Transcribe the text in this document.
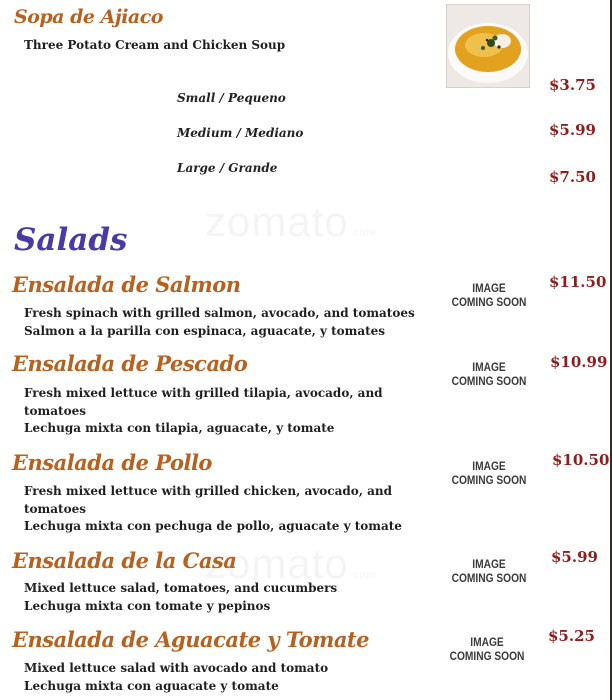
Sopa de Ajiaco
Three Potato Cream and Chicken Soup
Small / Pequeno
$3.75
Medium / Mediano	$5.99
Large / Grande	$7.50
Salads
Ensalada de Salmon
Fresh spinach with grilled salmon, avocado, and tomatoes
Salmon a la parilla con espinaca, aguacate, y tomates
IMAGE
COMING SOON
$11.50
Ensalada de Pescado
Fresh mixed lettuce with grilled tilapia, avocado, and
tomatoes
Lechuga mixta con tilapia, aguacate, y tomate
IMAGE
COMING SOON
$10.99
Ensalada de Pollo
Fresh mixed lettuce with grilled chicken, avocado, and
tomatoes
Lechuga mixta con pechuga de pollo, aguacate y tomate
IMAGE
COMING SOON
$10.50
Ensalada de la Casa
Mixed lettuce salad, tomatoes, and cucumbers
Lechuga mixta con tomate y pepinos
IMAGE
COMING SOON
$5.99
Ensalada de Aguacate y Tomate
Mixed lettuce salad with avocado and tomato
Lechuga mixta con aguacate y tomate
IMAGE
COMING SOON
$5.25
